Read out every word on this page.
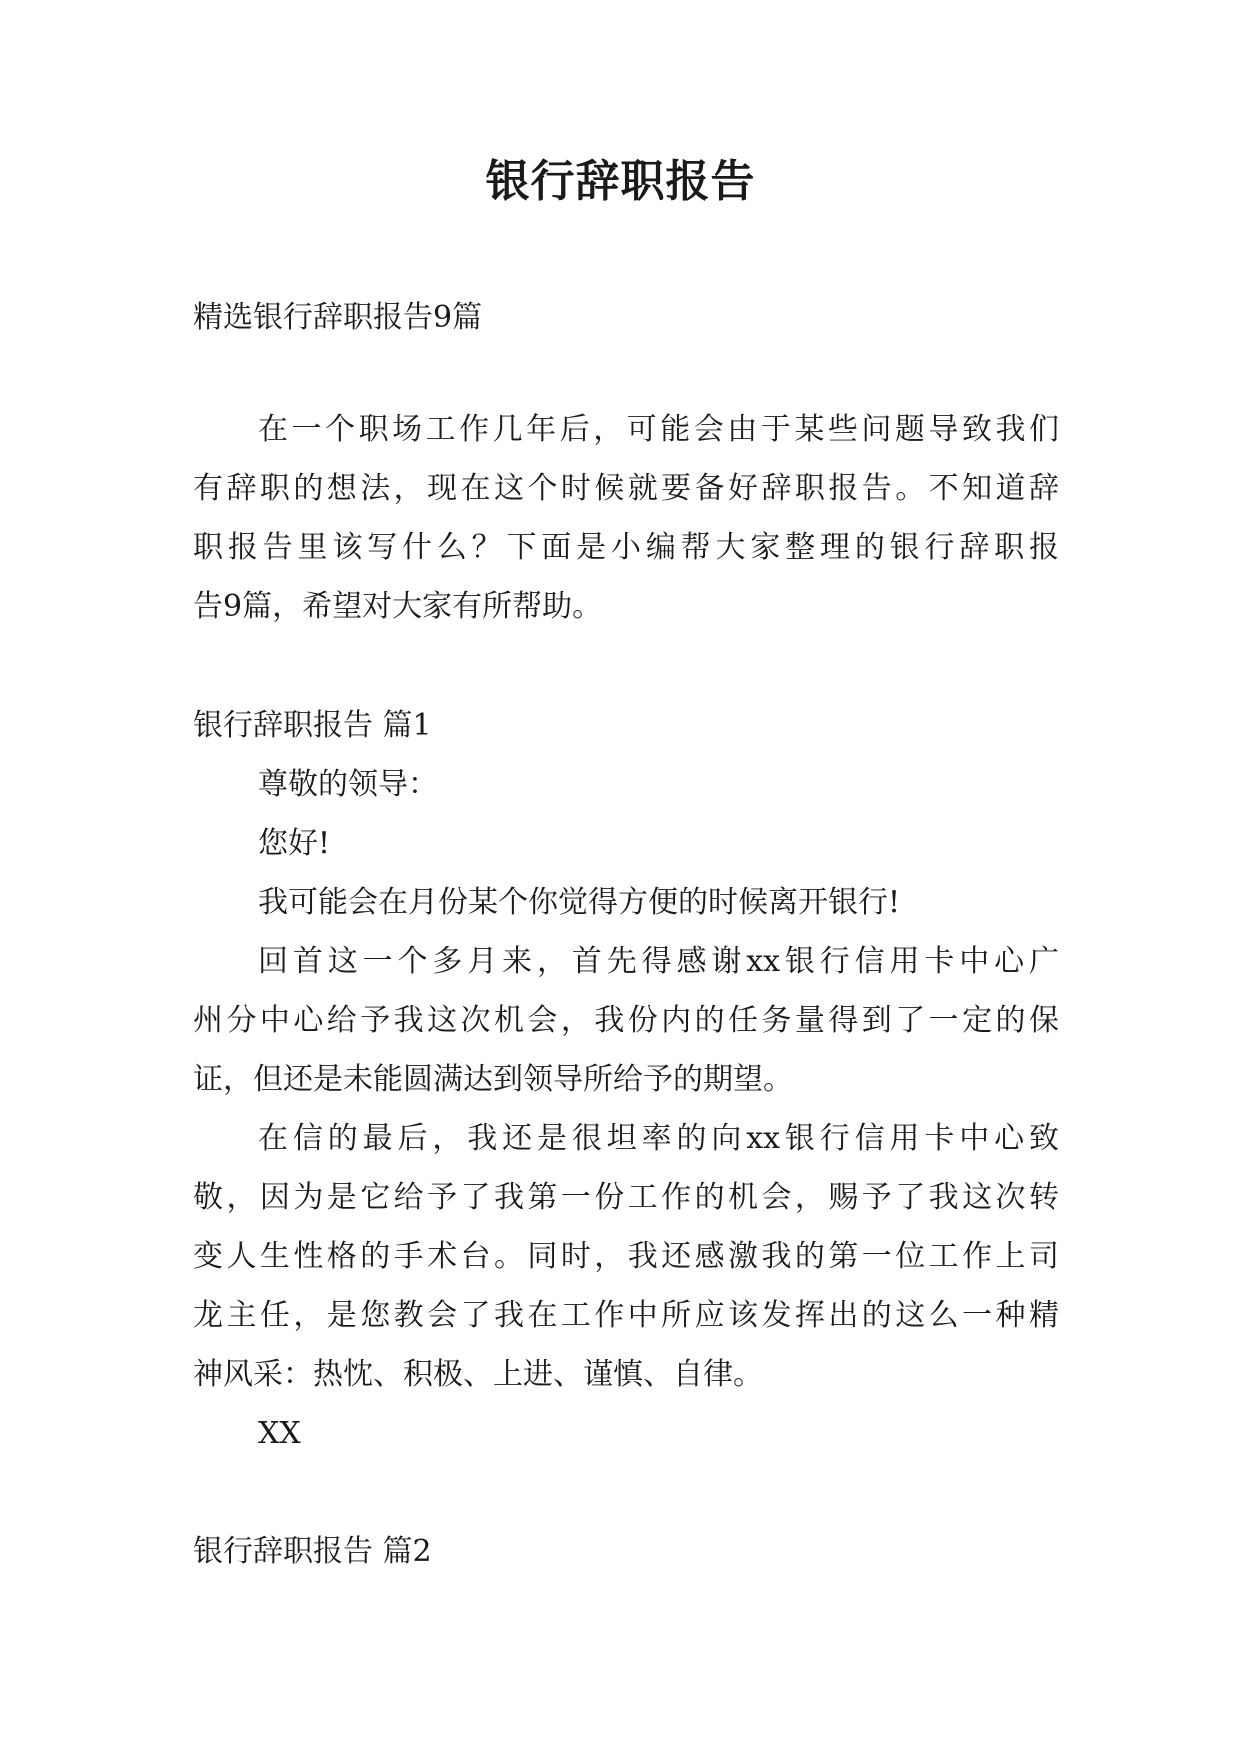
银行辞职报告

精选银行辞职报告9篇

在一个职场工作几年后，可能会由于某些问题导致我们

有辞职的想法，现在这个时候就要备好辞职报告。不知道辞

职报告里该写什么？下面是小编帮大家整理的银行辞职报

告9篇，希望对大家有所帮助。

银行辞职报告 篇1

尊敬的领导：

您好!

我可能会在月份某个你觉得方便的时候离开银行!

回首这一个多月来，首先得感谢xx银行信用卡中心广

州分中心给予我这次机会，我份内的任务量得到了一定的保

证，但还是未能圆满达到领导所给予的期望。

在信的最后，我还是很坦率的向xx银行信用卡中心致

敬，因为是它给予了我第一份工作的机会，赐予了我这次转

变人生性格的手术台。同时，我还感激我的第一位工作上司

龙主任，是您教会了我在工作中所应该发挥出的这么一种精

神风采：热忱、积极、上进、谨慎、自律。

XX

银行辞职报告 篇2
